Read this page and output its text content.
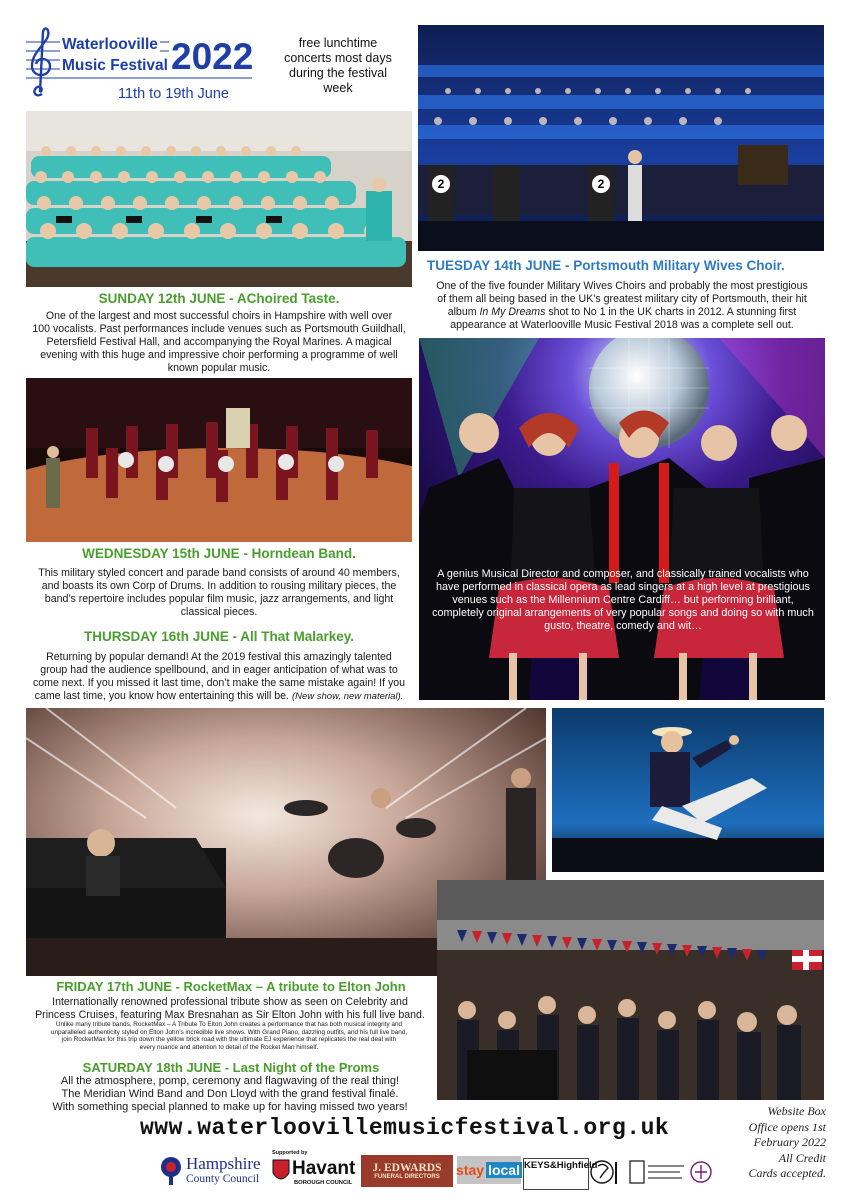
Waterlooville
Music Festival 2022
11th to 19th June
free lunchtime
concerts most days
during the festival
week
2	2
A genius Musical Director and composer, and classically trained vocalists who
have performed in classical opera as lead singers at a high level at prestigious
venues such as the Millennium Centre Cardiff… but performing brilliant,
completely original arrangements of very popular songs and doing so with much
gusto, theatre, comedy and wit…
SUNDAY 12th JUNE - AChoired Taste.
One of the largest and most successful choirs in Hampshire with well over
100 vocalists. Past performances include venues such as Portsmouth Guildhall,
Petersfield Festival Hall, and accompanying the Royal Marines. A magical
evening with this huge and impressive choir performing a programme of well
known popular music.
TUESDAY 14th JUNE - Portsmouth Military Wives Choir.
One of the five founder Military Wives Choirs and probably the most prestigious
of them all being based in the UK’s greatest military city of Portsmouth, their hit
album In My Dreams shot to No 1 in the UK charts in 2012. A stunning first
appearance at Waterlooville Music Festival 2018 was a complete sell out.
WEDNESDAY 15th JUNE - Horndean Band.
This military styled concert and parade band consists of around 40 members,
and boasts its own Corp of Drums. In addition to rousing military pieces, the
band’s repertoire includes popular film music, jazz arrangements, and light
classical pieces.
THURSDAY 16th JUNE - All That Malarkey.
Returning by popular demand! At the 2019 festival this amazingly talented
group had the audience spellbound, and in eager anticipation of what was to
come next. If you missed it last time, don’t make the same mistake again! If you
came last time, you know how entertaining this will be. (New show, new material).
FRIDAY 17th JUNE - RocketMax – A tribute to Elton John
Internationally renowned professional tribute show as seen on Celebrity and
Princess Cruises, featuring Max Bresnahan as Sir Elton John with his full live band.
Unlike many tribute bands, RocketMax – A Tribute To Elton John creates a performance that has both musical integrity and
unparalleled authenticity styled on Elton John’s incredible live shows. With Grand Piano, dazzling outfits, and his full live band,
join RocketMax for this trip down the yellow brick road with the ultimate EJ experience that replicates the real deal with
every nuance and attention to detail of the Rocket Man himself.
SATURDAY 18th JUNE - Last Night of the Proms
All the atmosphere, pomp, ceremony and flagwaving of the real thing!
The Meridian Wind Band and Don Lloyd with the grand festival finalé.
With something special planned to make up for having missed two years!
www.waterloovillemusicfestival.org.uk
Website Box
Office opens 1st
February 2022
All Credit
Cards accepted.
Hampshire
County Council
Supported by
Havant
BOROUGH COUNCIL
J. EDWARDS
FUNERAL DIRECTORS stay local KEYS&Highfield
